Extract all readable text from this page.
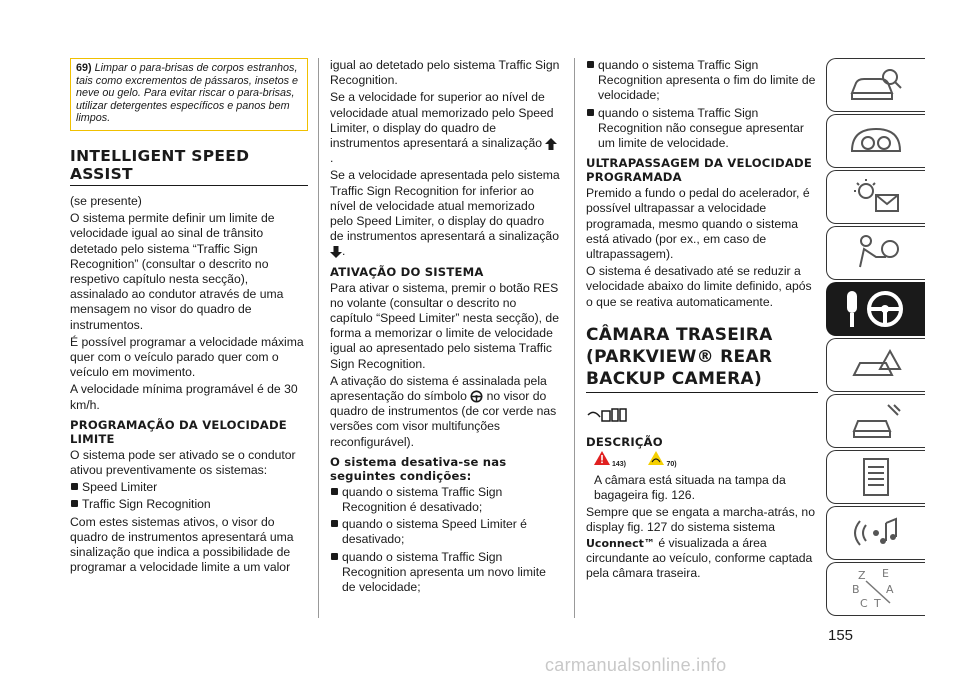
69) Limpar o para-brisas de corpos estranhos, tais como excrementos de pássaros, insetos e neve ou gelo. Para evitar riscar o para-brisas, utilizar detergentes específicos e panos bem limpos.
INTELLIGENT SPEED ASSIST

(se presente)

O sistema permite definir um limite de velocidade igual ao sinal de trânsito detetado pelo sistema “Traffic Sign Recognition” (consultar o descrito no respetivo capítulo nesta secção), assinalado ao condutor através de uma mensagem no visor do quadro de instrumentos.

É possível programar a velocidade máxima quer com o veículo parado quer com o veículo em movimento.

A velocidade mínima programável é de 30 km/h.

PROGRAMAÇÃO DA VELOCIDADE LIMITE

O sistema pode ser ativado se o condutor ativou preventivamente os sistemas:

Speed Limiter

Traffic Sign Recognition

Com estes sistemas ativos, o visor do quadro de instrumentos apresentará uma sinalização que indica a possibilidade de programar a velocidade limite a um valor

igual ao detetado pelo sistema Traffic Sign Recognition.

Se a velocidade for superior ao nível de velocidade atual memorizado pelo Speed Limiter, o display do quadro de instrumentos apresentará a sinalização .

Se a velocidade apresentada pelo sistema Traffic Sign Recognition for inferior ao nível de velocidade atual memorizado pelo Speed Limiter, o display do quadro de instrumentos apresentará a sinalização .

ATIVAÇÃO DO SISTEMA

Para ativar o sistema, premir o botão RES no volante (consultar o descrito no capítulo “Speed Limiter” nesta secção), de forma a memorizar o limite de velocidade igual ao apresentado pelo sistema Traffic Sign Recognition.

A ativação do sistema é assinalada pela apresentação do símbolo no visor do quadro de instrumentos (de cor verde nas versões com visor multifunções reconfigurável).

O sistema desativa-se nas seguintes condições:

quando o sistema Traffic Sign Recognition é desativado;

quando o sistema Speed Limiter é desativado;

quando o sistema Traffic Sign Recognition apresenta um novo limite de velocidade;

quando o sistema Traffic Sign Recognition apresenta o fim do limite de velocidade;

quando o sistema Traffic Sign Recognition não consegue apresentar um limite de velocidade.

ULTRAPASSAGEM DA VELOCIDADE PROGRAMADA

Premido a fundo o pedal do acelerador, é possível ultrapassar a velocidade programada, mesmo quando o sistema está ativado (por ex., em caso de ultrapassagem).

O sistema é desativado até se reduzir a velocidade abaixo do limite definido, após o que se reativa automaticamente.

CÂMARA TRASEIRA (PARKVIEW® REAR BACKUP CAMERA)
DESCRIÇÃO
143)
	70)

A câmara está situada na tampa da bagageira fig. 126.

Sempre que se engata a marcha-atrás, no display fig. 127 do sistema sistema Uconnect™ é visualizada a área circundante ao veículo, conforme captada pela câmara traseira.	Z E
B A
C T
155
carmanualsonline.info
